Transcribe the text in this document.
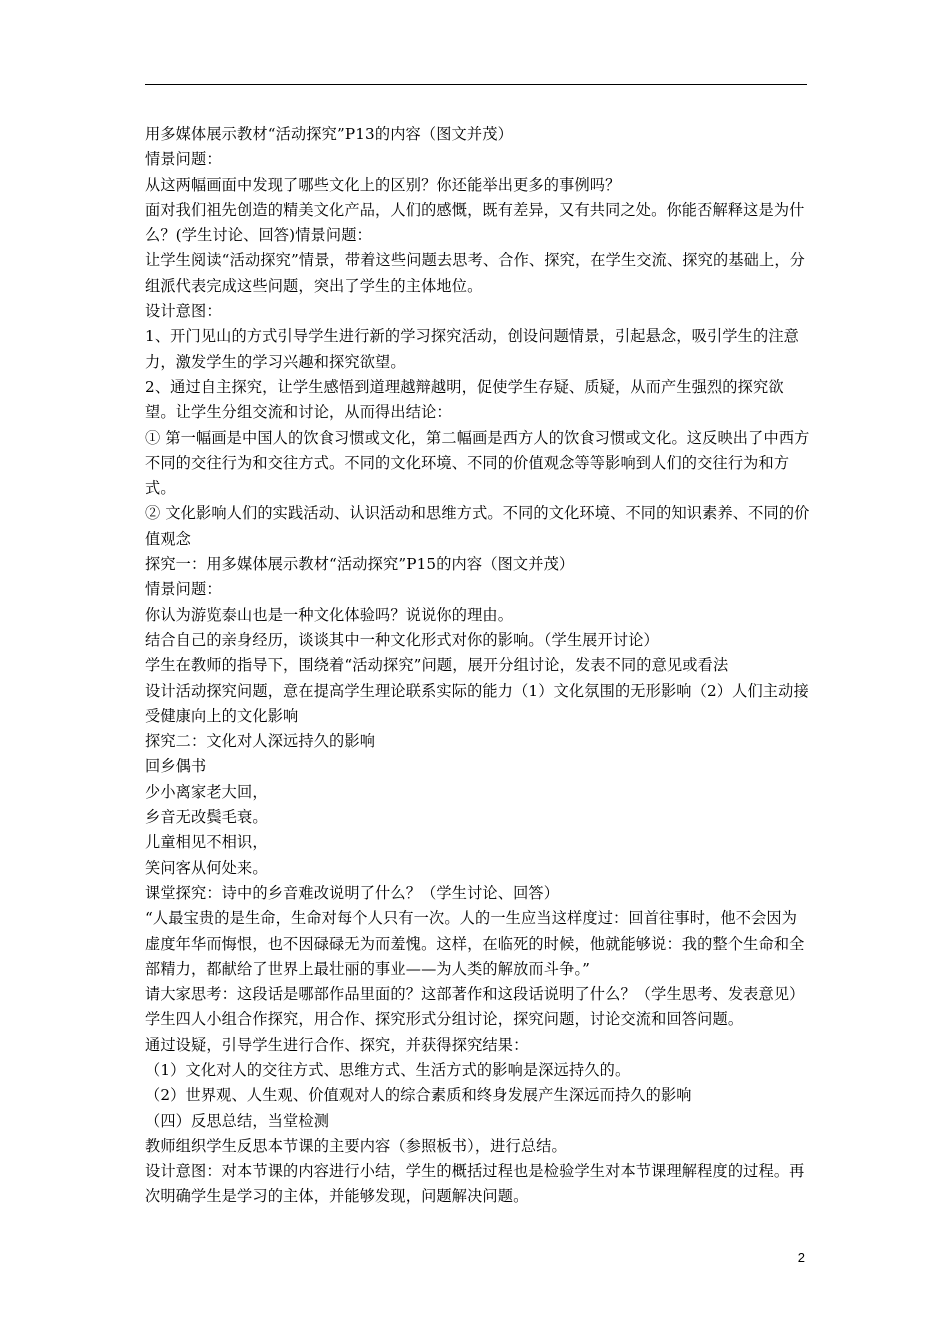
用多媒体展示教材“活动探究”P13的内容（图文并茂）

情景问题：

从这两幅画面中发现了哪些文化上的区别？你还能举出更多的事例吗？

面对我们祖先创造的精美文化产品，人们的感慨，既有差异，又有共同之处。你能否解释这是为什么？(学生讨论、回答)情景问题：

让学生阅读“活动探究”情景，带着这些问题去思考、合作、探究，在学生交流、探究的基础上，分组派代表完成这些问题，突出了学生的主体地位。

设计意图：

1、开门见山的方式引导学生进行新的学习探究活动，创设问题情景，引起悬念，吸引学生的注意力，激发学生的学习兴趣和探究欲望。

2、通过自主探究，让学生感悟到道理越辩越明，促使学生存疑、质疑，从而产生强烈的探究欲望。让学生分组交流和讨论，从而得出结论：

① 第一幅画是中国人的饮食习惯或文化，第二幅画是西方人的饮食习惯或文化。这反映出了中西方不同的交往行为和交往方式。不同的文化环境、不同的价值观念等等影响到人们的交往行为和方式。

② 文化影响人们的实践活动、认识活动和思维方式。不同的文化环境、不同的知识素养、不同的价值观念

探究一：用多媒体展示教材“活动探究”P15的内容（图文并茂）

情景问题：

你认为游览泰山也是一种文化体验吗？说说你的理由。

结合自己的亲身经历，谈谈其中一种文化形式对你的影响。（学生展开讨论）

学生在教师的指导下，围绕着“活动探究”问题，展开分组讨论，发表不同的意见或看法

设计活动探究问题，意在提高学生理论联系实际的能力（1）文化氛围的无形影响（2）人们主动接受健康向上的文化影响

探究二：文化对人深远持久的影响

回乡偶书

少小离家老大回，

乡音无改鬓毛衰。

儿童相见不相识，

笑问客从何处来。

课堂探究：诗中的乡音难改说明了什么？（学生讨论、回答）

“人最宝贵的是生命，生命对每个人只有一次。人的一生应当这样度过：回首往事时，他不会因为虚度年华而悔恨，也不因碌碌无为而羞愧。这样，在临死的时候，他就能够说：我的整个生命和全部精力，都献给了世界上最壮丽的事业——为人类的解放而斗争。”

请大家思考：这段话是哪部作品里面的？这部著作和这段话说明了什么？（学生思考、发表意见）

学生四人小组合作探究，用合作、探究形式分组讨论，探究问题，讨论交流和回答问题。

通过设疑，引导学生进行合作、探究，并获得探究结果：

（1）文化对人的交往方式、思维方式、生活方式的影响是深远持久的。

（2）世界观、人生观、价值观对人的综合素质和终身发展产生深远而持久的影响

（四）反思总结，当堂检测

教师组织学生反思本节课的主要内容（参照板书），进行总结。

设计意图：对本节课的内容进行小结，学生的概括过程也是检验学生对本节课理解程度的过程。再次明确学生是学习的主体，并能够发现，问题解决问题。

2
